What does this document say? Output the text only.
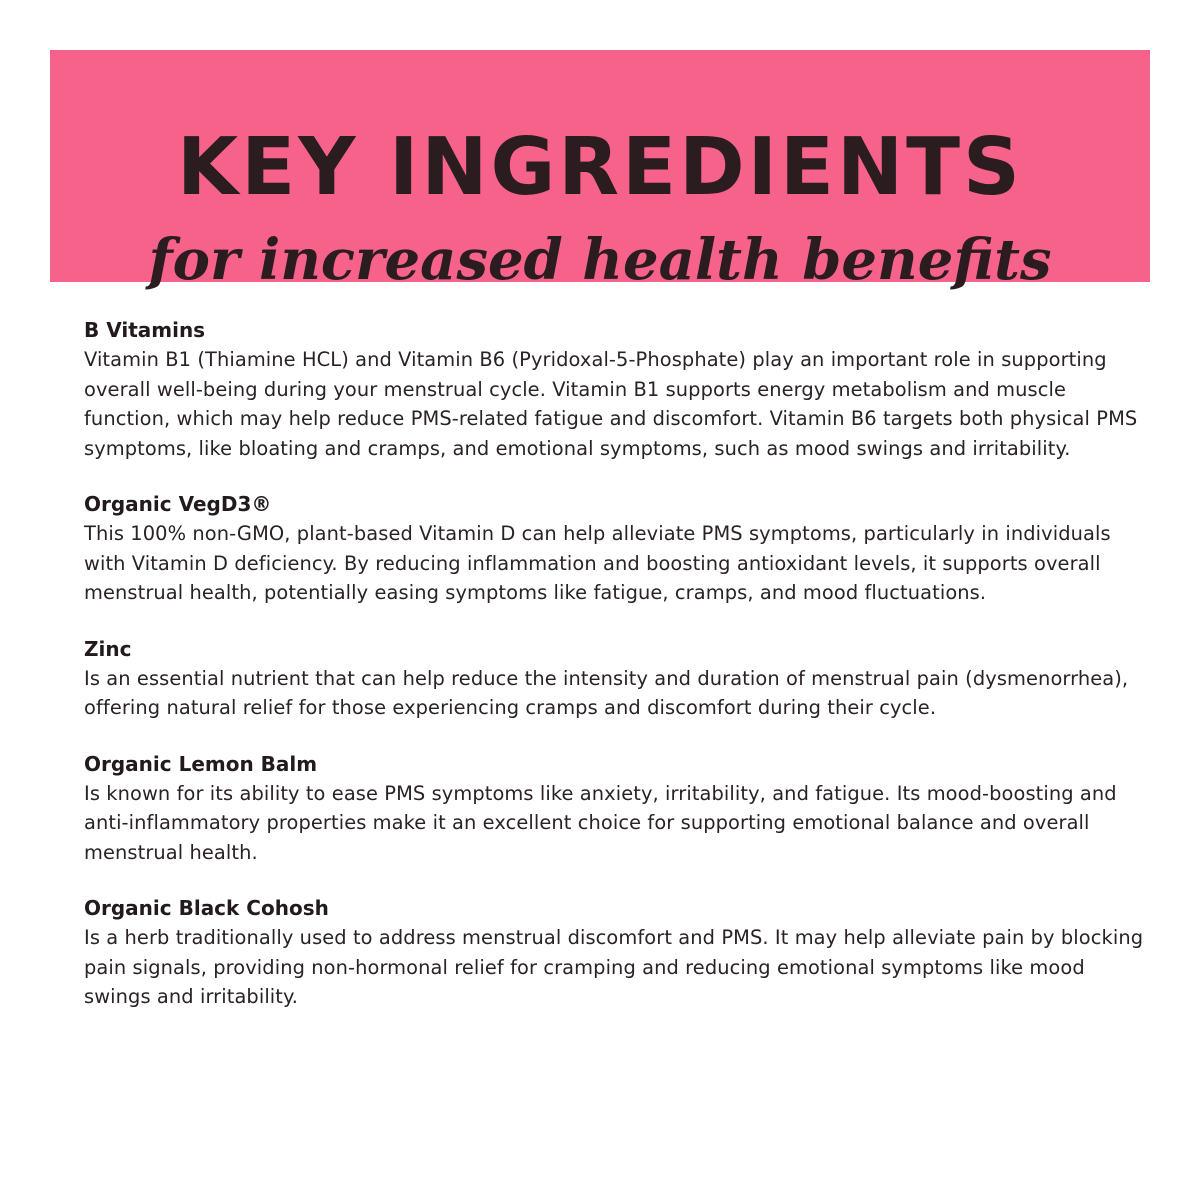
KEY INGREDIENTS
for increased health benefits

B Vitamins

Vitamin B1 (Thiamine HCL) and Vitamin B6 (Pyridoxal-5-Phosphate) play an important role in supporting overall well-being during your menstrual cycle. Vitamin B1 supports energy metabolism and muscle function, which may help reduce PMS-related fatigue and discomfort. Vitamin B6 targets both physical PMS symptoms, like bloating and cramps, and emotional symptoms, such as mood swings and irritability.

Organic VegD3®

This 100% non-GMO, plant-based Vitamin D can help alleviate PMS symptoms, particularly in individuals with Vitamin D deficiency. By reducing inflammation and boosting antioxidant levels, it supports overall menstrual health, potentially easing symptoms like fatigue, cramps, and mood fluctuations.

Zinc

Is an essential nutrient that can help reduce the intensity and duration of menstrual pain (dysmenorrhea), offering natural relief for those experiencing cramps and discomfort during their cycle.

Organic Lemon Balm

Is known for its ability to ease PMS symptoms like anxiety, irritability, and fatigue. Its mood-boosting and anti-inflammatory properties make it an excellent choice for supporting emotional balance and overall menstrual health.

Organic Black Cohosh

Is a herb traditionally used to address menstrual discomfort and PMS. It may help alleviate pain by blocking pain signals, providing non-hormonal relief for cramping and reducing emotional symptoms like mood swings and irritability.
